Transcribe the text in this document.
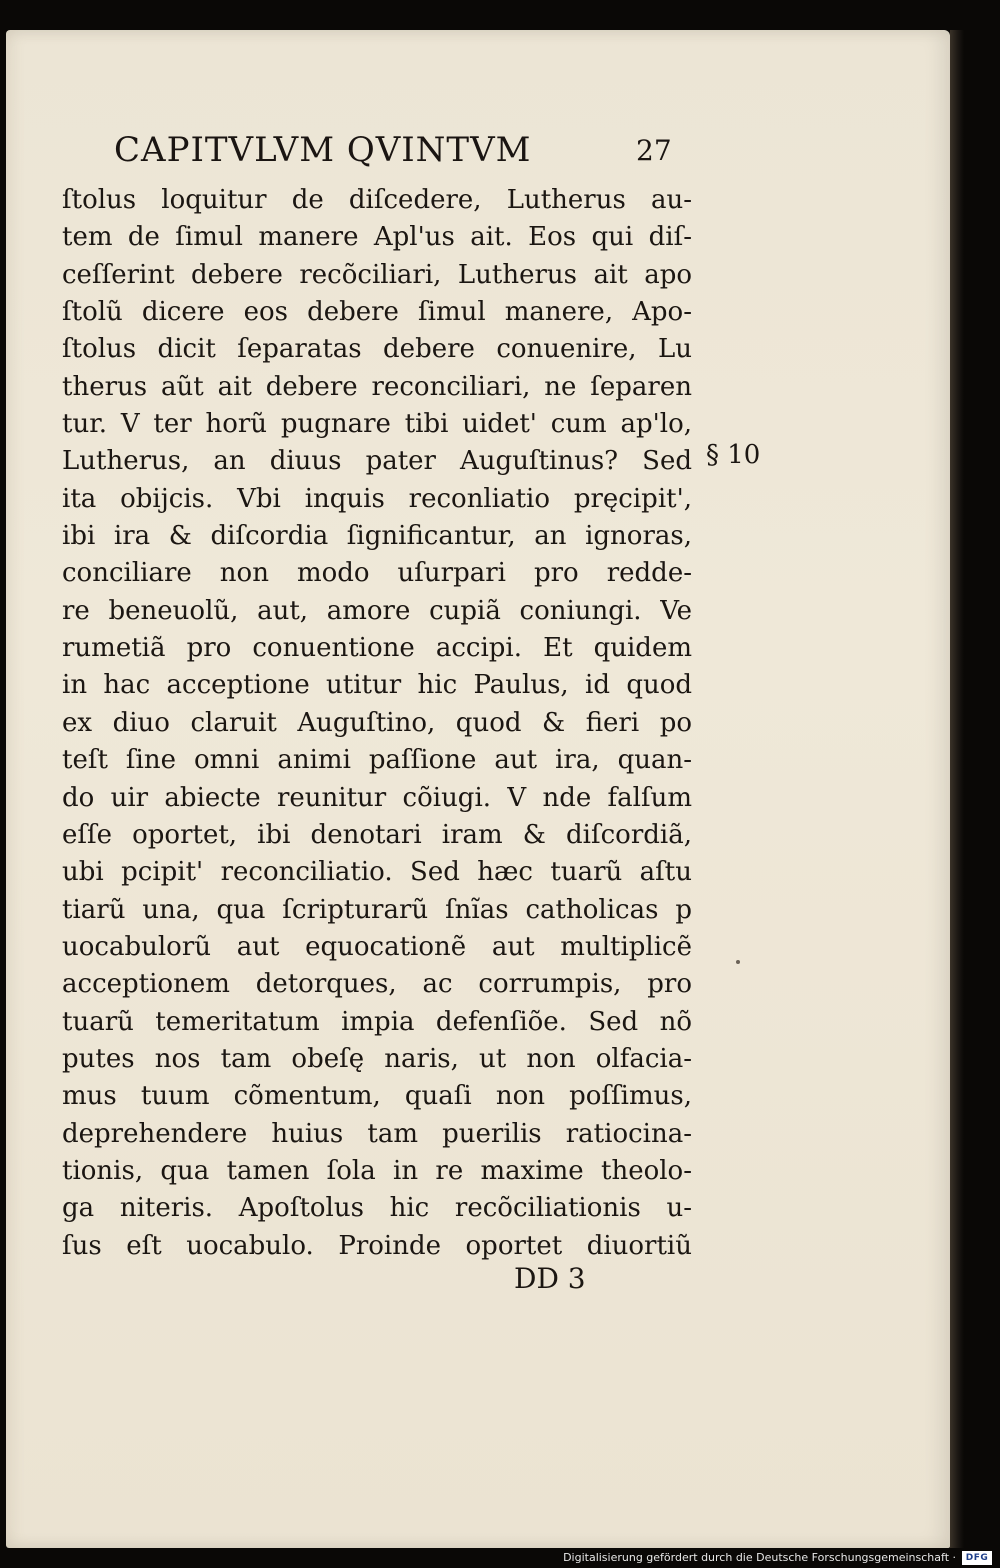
CAPITVLVM QVINTVM	27
ſtolus loquitur de diſcedere, Lutherus au-
tem de ſimul manere Apl'us ait. Eos qui diſ-
ceſſerint debere recõciliari, Lutherus ait apo
ſtolũ dicere eos debere ſimul manere, Apo-
ſtolus dicit ſeparatas debere conuenire, Lu
therus aũt ait debere reconciliari, ne ſeparen
tur. V ter horũ pugnare tibi uidet' cum ap'lo,
Lutherus, an diuus pater Auguſtinus? Sed
ita obijcis. Vbi inquis reconliatio pręcipit',
ibi ira & diſcordia ſignificantur, an ignoras,
conciliare non modo uſurpari pro redde-
re beneuolũ, aut, amore cupiã coniungi. Ve
rumetiã pro conuentione accipi. Et quidem
in hac acceptione utitur hic Paulus, id quod
ex diuo claruit Auguſtino, quod & fieri po
teſt ſine omni animi paſſione aut ira, quan-
do uir abiecte reunitur cõiugi. V nde falſum
eſſe oportet, ibi denotari iram & diſcordiã,
ubi pcipit' reconciliatio. Sed hæc tuarũ aſtu
tiarũ una, qua ſcripturarũ ſnĩas catholicas p
uocabulorũ aut equocationẽ aut multiplicẽ
acceptionem detorques, ac corrumpis, pro
tuarũ temeritatum impia defenſiõe. Sed nõ
putes nos tam obeſę naris, ut non olfacia-
mus tuum cõmentum, quaſi non poſſimus,
deprehendere huius tam puerilis ratiocina-
tionis, qua tamen ſola in re maxime theolo-
ga niteris. Apoſtolus hic recõciliationis u-
ſus eſt uocabulo. Proinde oportet diuortiũ
§ 10
DD 3
Digitalisierung gefördert durch die Deutsche Forschungsgemeinschaft ·	DFG
